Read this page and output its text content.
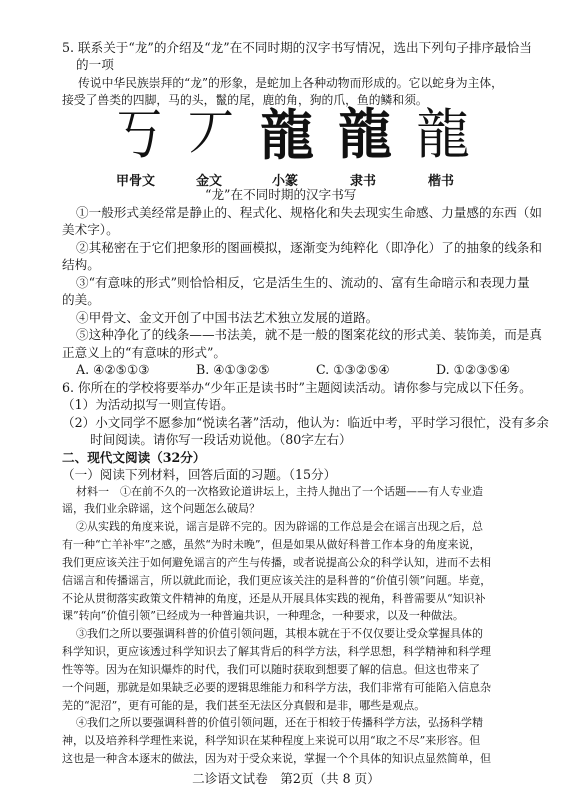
5. 联系关于“龙”的介绍及“龙”在不同时期的汉字书写情况，选出下列句子排序最恰当
的一项
传说中华民族崇拜的“龙”的形象，是蛇加上各种动物而形成的。它以蛇身为主体，
接受了兽类的四脚，马的头，鬣的尾，鹿的角，狗的爪，鱼的鳞和须。
丂 丆 龍 龍 龍
甲骨文	金文	小篆	隶书	楷书
“龙”在不同时期的汉字书写
①一般形式美经常是静止的、程式化、规格化和失去现实生命感、力量感的东西（如
美术字）。
②其秘密在于它们把象形的图画模拟，逐渐变为纯粹化（即净化）了的抽象的线条和
结构。
③“有意味的形式”则恰恰相反，它是活生生的、流动的、富有生命暗示和表现力量
的美。
④甲骨文、金文开创了中国书法艺术独立发展的道路。
⑤这种净化了的线条——书法美，就不是一般的图案花纹的形式美、装饰美，而是真
正意义上的“有意味的形式”。
A. ④②⑤①③	B. ④①③②⑤	C. ①③②⑤④	D. ①②③⑤④
6. 你所在的学校将要举办“少年正是读书时”主题阅读活动。请你参与完成以下任务。
（1）为活动拟写一则宣传语。
（2）小文同学不愿参加“悦读名著”活动，他认为：临近中考，平时学习很忙，没有多余
时间阅读。请你写一段话劝说他。（80字左右）
二、现代文阅读（32分）
（一）阅读下列材料，回答后面的习题。（15分）
材料一　①在前不久的一次格致论道讲坛上，主持人抛出了一个话题——有人专业造
谣，我们业余辟谣，这个问题怎么破局？
②从实践的角度来说，谣言是辟不完的。因为辟谣的工作总是会在谣言出现之后，总
有一种“亡羊补牢”之感，虽然“为时未晚”，但是如果从做好科普工作本身的角度来说，
我们更应该关注于如何避免谣言的产生与传播，或者说提高公众的科学认知，进而不去相
信谣言和传播谣言，所以就此而论，我们更应该关注的是科普的“价值引领”问题。毕竟，
不论从贯彻落实政策文件精神的角度，还是从开展具体实践的视角，科普需要从“知识补
课”转向“价值引领”已经成为一种普遍共识，一种理念，一种要求，以及一种做法。
③我们之所以要强调科普的价值引领问题，其根本就在于不仅仅要让受众掌握具体的
科学知识，更应该透过科学知识去了解其背后的科学方法，科学思想，科学精神和科学理
性等等。因为在知识爆炸的时代，我们可以随时获取到想要了解的信息。但这也带来了
一个问题，那就是如果缺乏必要的逻辑思维能力和科学方法，我们非常有可能陷入信息杂
芜的“泥沼”，更有可能的是，我们甚至无法区分真假和是非，哪些是观点。
④我们之所以要强调科普的价值引领问题，还在于相较于传播科学方法，弘扬科学精
神，以及培养科学理性来说，科学知识在某种程度上来说可以用“取之不尽”来形容。但
这也是一种含本逐末的做法，因为对于受众来说，掌握一个个具体的知识点显然简单，但
二诊语文试卷　第2页（共 8 页）
